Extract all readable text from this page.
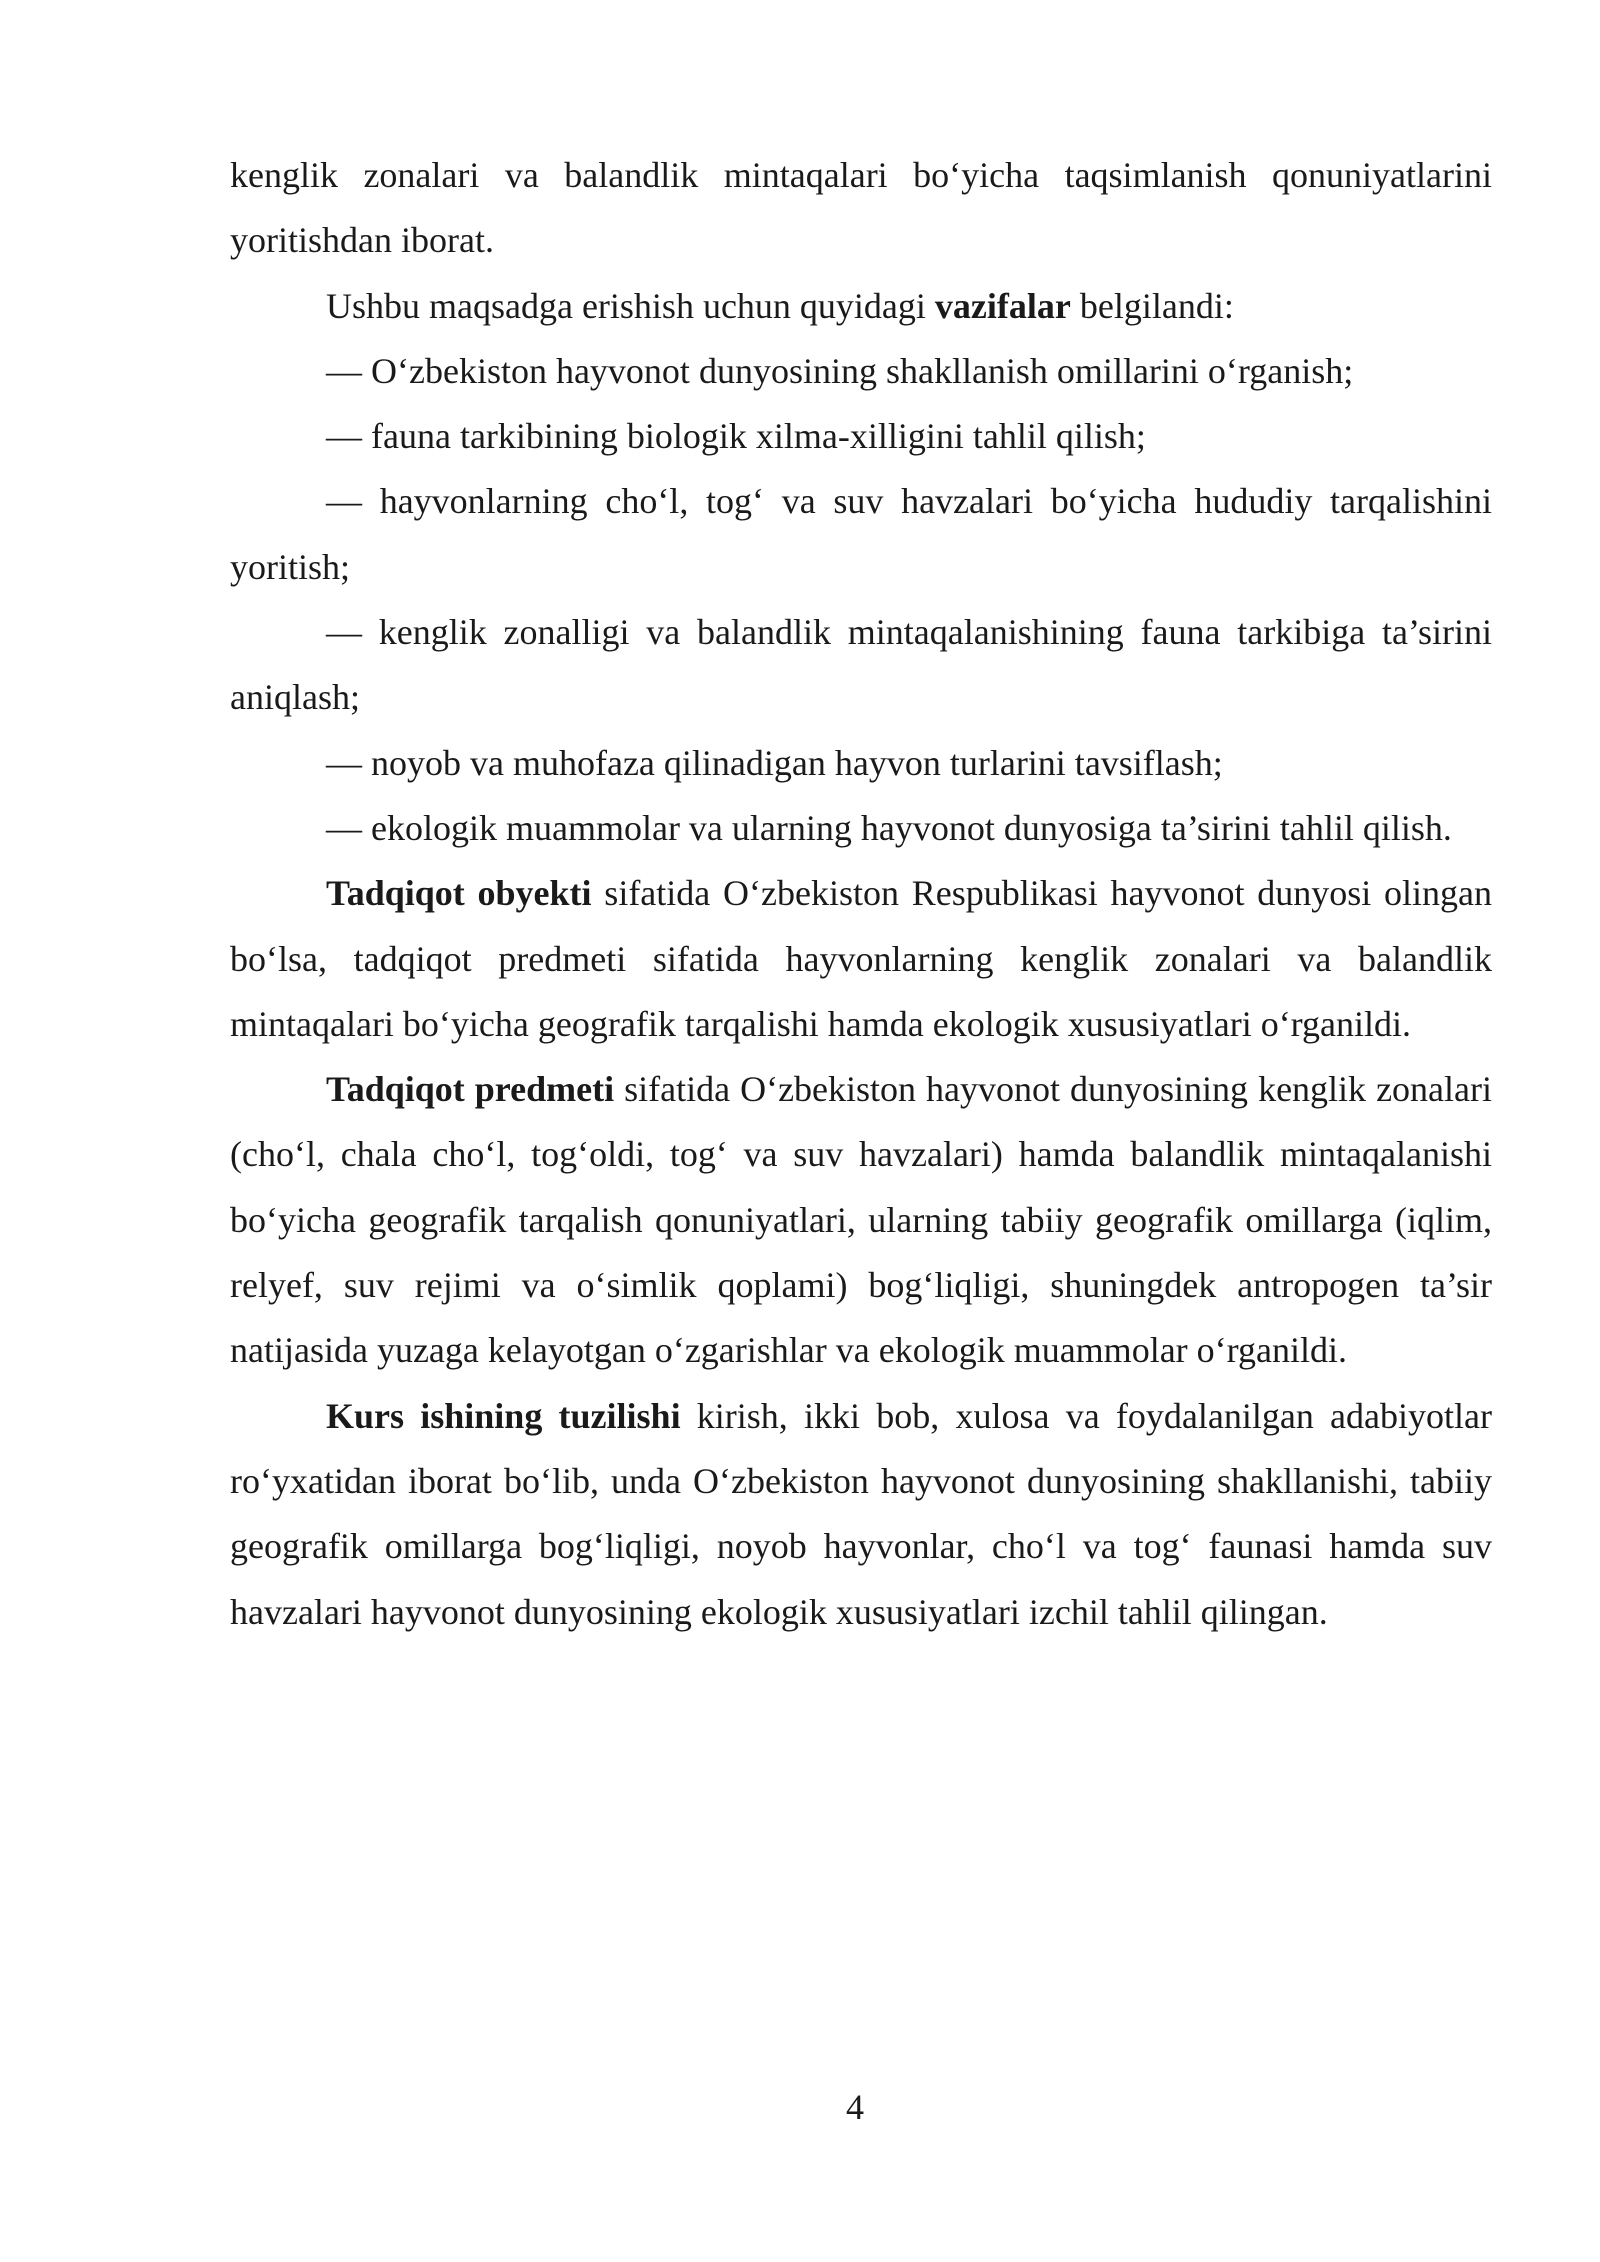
kenglik zonalari va balandlik mintaqalari bo‘yicha taqsimlanish qonuniyatlarini yoritishdan iborat.

Ushbu maqsadga erishish uchun quyidagi vazifalar belgilandi:

— O‘zbekiston hayvonot dunyosining shakllanish omillarini o‘rganish;

— fauna tarkibining biologik xilma-xilligini tahlil qilish;

— hayvonlarning cho‘l, tog‘ va suv havzalari bo‘yicha hududiy tarqalishini yoritish;

— kenglik zonalligi va balandlik mintaqalanishining fauna tarkibiga ta’sirini aniqlash;

— noyob va muhofaza qilinadigan hayvon turlarini tavsiflash;

— ekologik muammolar va ularning hayvonot dunyosiga ta’sirini tahlil qilish.

Tadqiqot obyekti sifatida O‘zbekiston Respublikasi hayvonot dunyosi olingan bo‘lsa, tadqiqot predmeti sifatida hayvonlarning kenglik zonalari va balandlik mintaqalari bo‘yicha geografik tarqalishi hamda ekologik xususiyatlari o‘rganildi.

Tadqiqot predmeti sifatida O‘zbekiston hayvonot dunyosining kenglik zonalari (cho‘l, chala cho‘l, tog‘oldi, tog‘ va suv havzalari) hamda balandlik mintaqalanishi bo‘yicha geografik tarqalish qonuniyatlari, ularning tabiiy geografik omillarga (iqlim, relyef, suv rejimi va o‘simlik qoplami) bog‘liqligi, shuningdek antropogen ta’sir natijasida yuzaga kelayotgan o‘zgarishlar va ekologik muammolar o‘rganildi.

Kurs ishining tuzilishi kirish, ikki bob, xulosa va foydalanilgan adabiyotlar ro‘yxatidan iborat bo‘lib, unda O‘zbekiston hayvonot dunyosining shakllanishi, tabiiy geografik omillarga bog‘liqligi, noyob hayvonlar, cho‘l va tog‘ faunasi hamda suv havzalari hayvonot dunyosining ekologik xususiyatlari izchil tahlil qilingan.

4
